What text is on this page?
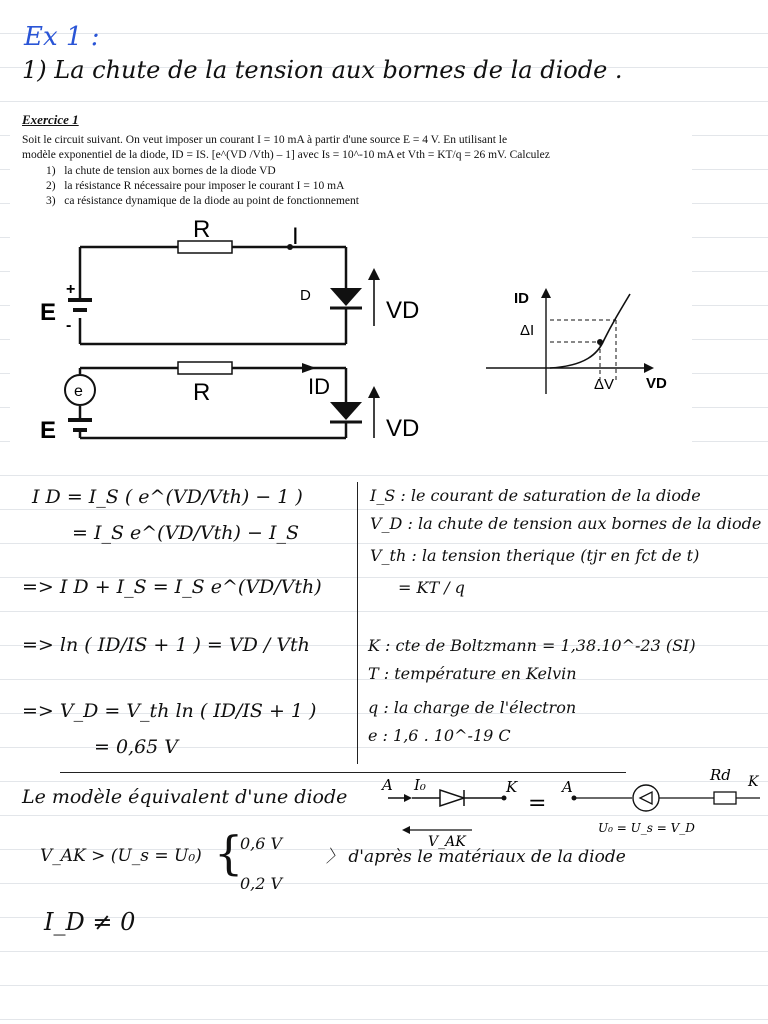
Ex 1 :
1) La chute de la tension aux bornes de la diode .
Exercice 1
Soit le circuit suivant. On veut imposer un courant I = 10 mA à partir d'une source E = 4 V. En utilisant le
modèle exponentiel de la diode, ID = IS. [e^(VD /Vth) – 1] avec Is = 10^-10 mA et Vth = KT/q = 26 mV. Calculez
1) la chute de tension aux bornes de la diode VD
2) la résistance R nécessaire pour imposer le courant I = 10 mA
3) ca résistance dynamique de la diode au point de fonctionnement
R	I
D
VD
E
+
-
e	R	ID
VD
E
ID
VD
ΔI
ΔV
I D = I_S ( e^(VD/Vth) − 1 )
= I_S e^(VD/Vth) − I_S
=> I D + I_S = I_S e^(VD/Vth)
=> ln ( ID/IS + 1 ) = VD / Vth
=> V_D = V_th ln ( ID/IS + 1 )
= 0,65 V
I_S : le courant de saturation de la diode
V_D : la chute de tension aux bornes de la diode
V_th : la tension therique (tjr en fct de t)
= KT / q
K : cte de Boltzmann = 1,38.10^-23 (SI)
T : température en Kelvin
q : la charge de l'électron
e : 1,6 . 10^-19 C
Le modèle équivalent d'une diode
A I₀	K
=
V_AK
A
Rd K
U₀ = U_s = V_D
V_AK > (U_s = U₀) {
0,6 V
0,2 V
〉 d'après le matériaux de la diode
I_D ≠ 0
